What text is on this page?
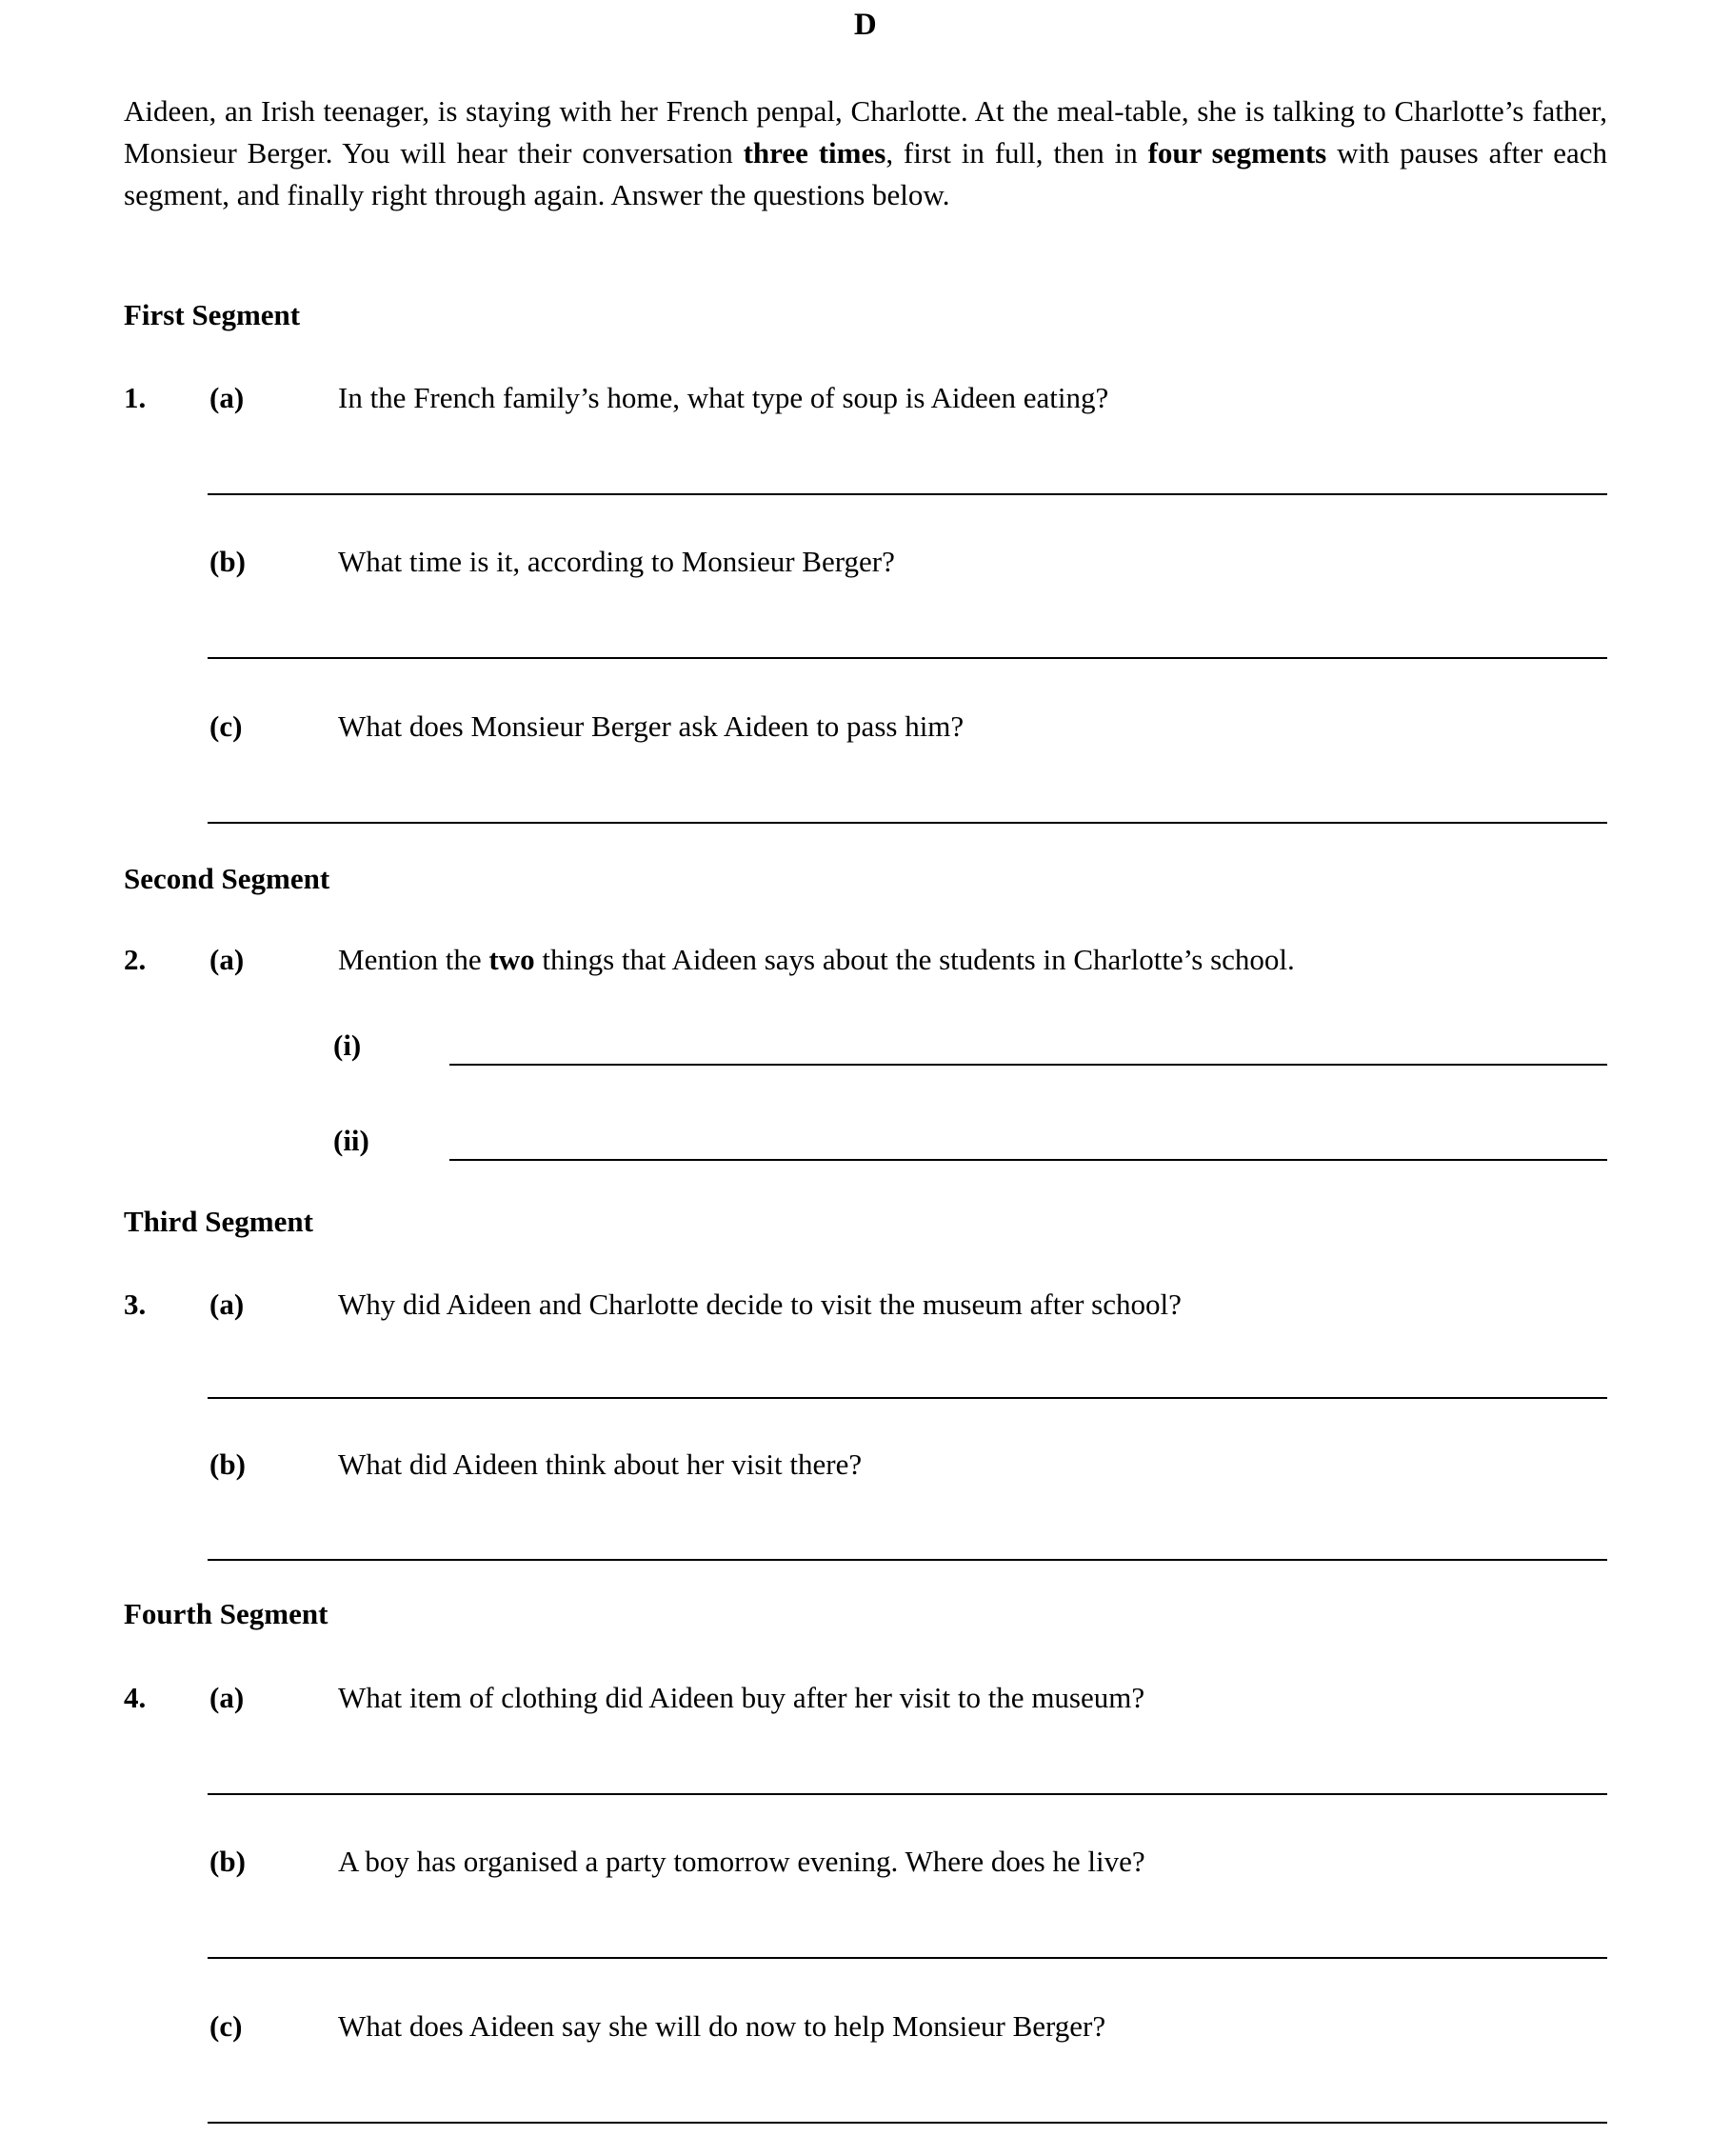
D
Aideen, an Irish teenager, is staying with her French penpal, Charlotte. At the meal-table, she is talking to Charlotte’s father, Monsieur Berger. You will hear their conversation three times, first in full, then in four segments with pauses after each segment, and finally right through again. Answer the questions below.
First Segment
1.	(a)	In the French family’s home, what type of soup is Aideen eating?
(b)	What time is it, according to Monsieur Berger?
(c)	What does Monsieur Berger ask Aideen to pass him?
Second Segment
2.	(a)	Mention the two things that Aideen says about the students in Charlotte’s school.
(i)
(ii)
Third Segment
3.	(a)	Why did Aideen and Charlotte decide to visit the museum after school?
(b)	What did Aideen think about her visit there?
Fourth Segment
4.	(a)	What item of clothing did Aideen buy after her visit to the museum?
(b)	A boy has organised a party tomorrow evening. Where does he live?
(c)	What does Aideen say she will do now to help Monsieur Berger?
